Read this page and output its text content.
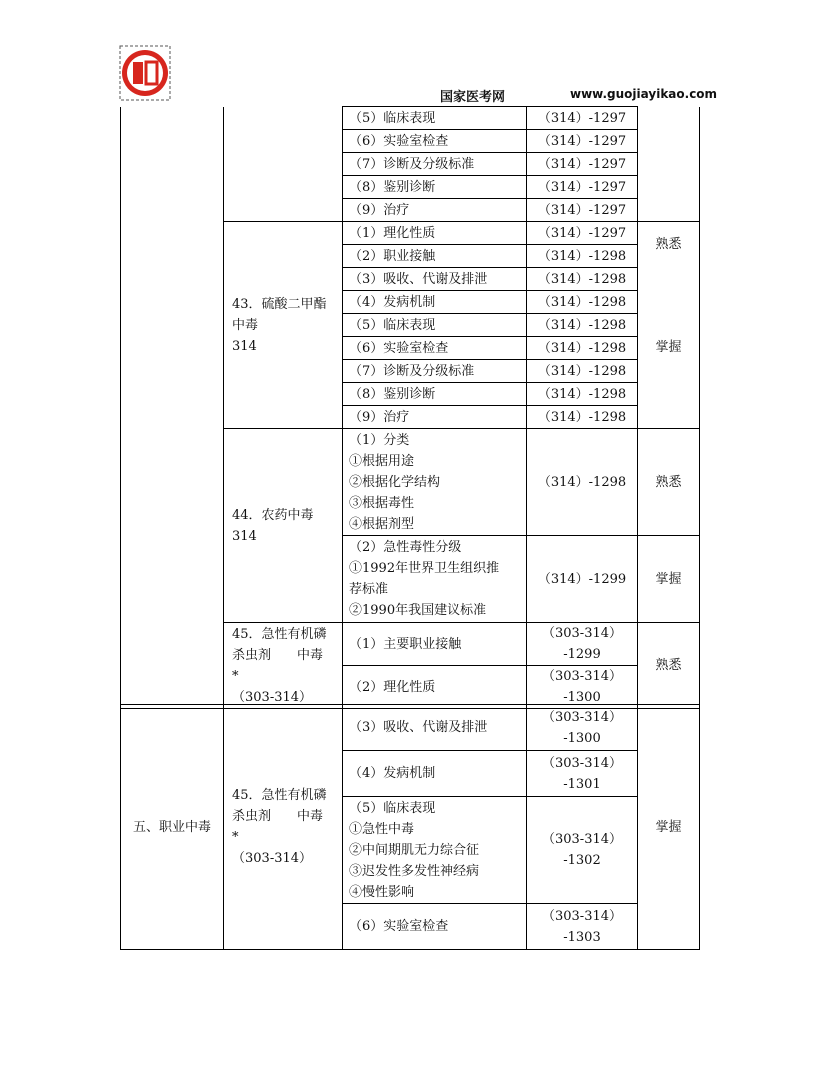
国家医考网	www.guojiayikao.com
		（5）临床表现	（314）-1297	
		（6）实验室检查	（314）-1297	
		（7）诊断及分级标准	（314）-1297	
		（8）鉴别诊断	（314）-1297	
		（9）治疗	（314）-1297	

	43．硫酸二甲酯
中毒
314	（1）理化性质	（314）-1297	熟悉
		（2）职业接触	（314）-1298	
		（3）吸收、代谢及排泄	（314）-1298	掌握
		（4）发病机制	（314）-1298	
		（5）临床表现	（314）-1298	
		（6）实验室检查	（314）-1298	
		（7）诊断及分级标准	（314）-1298	
		（8）鉴别诊断	（314）-1298	
		（9）治疗	（314）-1298	

	44．农药中毒
314	（1）分类
①根据用途
②根据化学结构
③根据毒性
④根据剂型	（314）-1298	熟悉

		（2）急性毒性分级
①1992年世界卫生组织推
荐标准
②1990年我国建议标准	（314）-1299	掌握

	45．急性有机磷
杀虫剂　　中毒
*
（303-314）	（1）主要职业接触	（303-314）
-1299	熟悉
		（2）理化性质	（303-314）
-1300	
五、职业中毒	45．急性有机磷
杀虫剂　　中毒
*
（303-314）	（3）吸收、代谢及排泄	（303-314）
-1300	掌握
		（4）发病机制	（303-314）
-1301	

		（5）临床表现
①急性中毒
②中间期肌无力综合征
③迟发性多发性神经病
④慢性影响	（303-314）
-1302	

		（6）实验室检查	（303-314）
-1303	
